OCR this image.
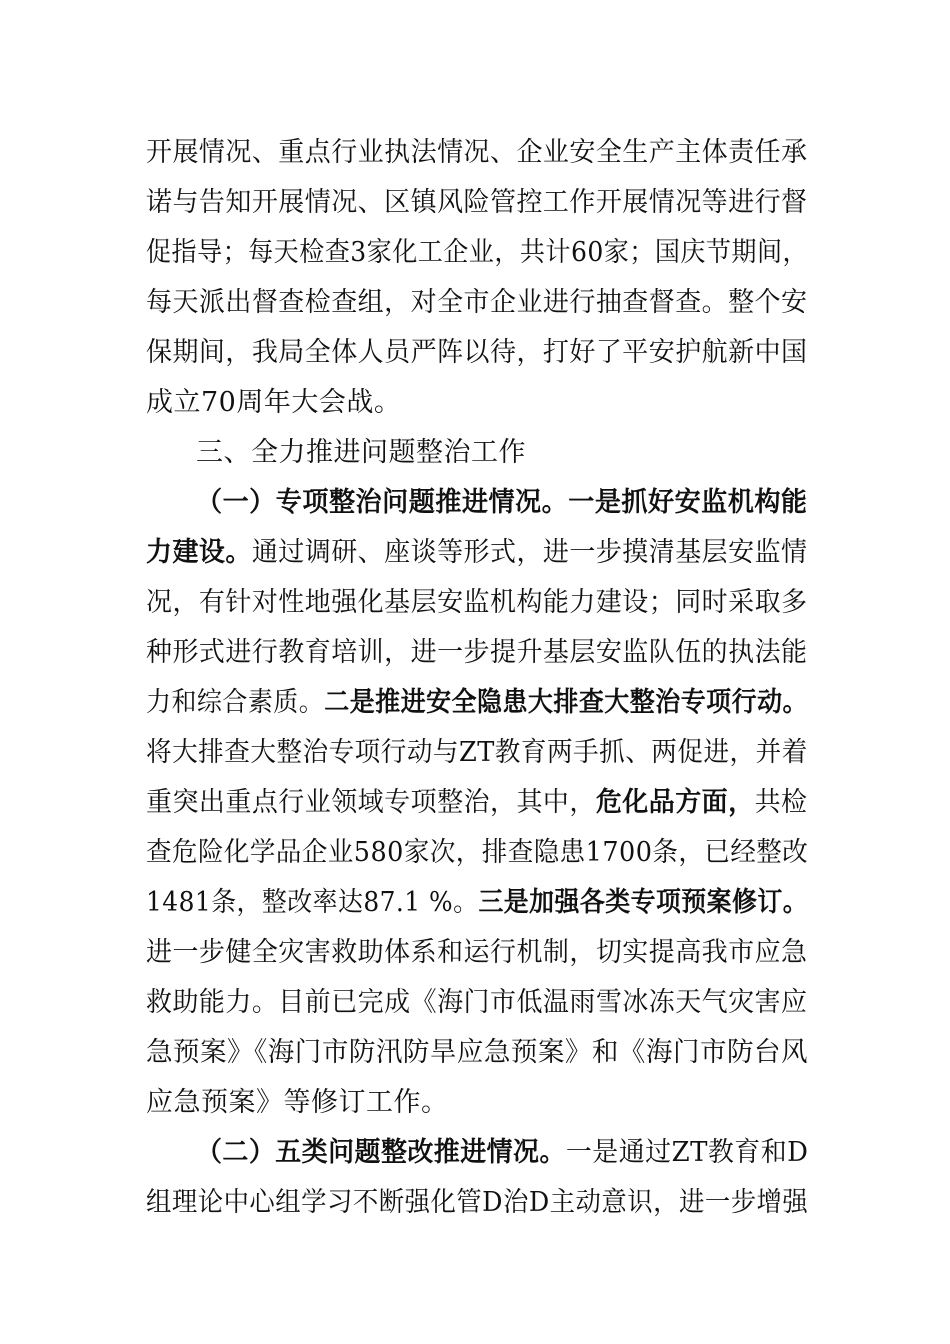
开展情况、重点行业执法情况、企业安全生产主体责任承
诺与告知开展情况、区镇风险管控工作开展情况等进行督
促指导；每天检查3家化工企业，共计60家；国庆节期间，
每天派出督查检查组，对全市企业进行抽查督查。整个安
保期间，我局全体人员严阵以待，打好了平安护航新中国
成立70周年大会战。
三、全力推进问题整治工作
（一）专项整治问题推进情况。一是抓好安监机构能
力建设。通过调研、座谈等形式，进一步摸清基层安监情
况，有针对性地强化基层安监机构能力建设；同时采取多
种形式进行教育培训，进一步提升基层安监队伍的执法能
力和综合素质。二是推进安全隐患大排查大整治专项行动。
将大排查大整治专项行动与ZT教育两手抓、两促进，并着
重突出重点行业领域专项整治，其中，危化品方面，共检
查危险化学品企业580家次，排查隐患1700条，已经整改
1481条，整改率达87.1 %。三是加强各类专项预案修订。
进一步健全灾害救助体系和运行机制，切实提高我市应急
救助能力。目前已完成《海门市低温雨雪冰冻天气灾害应
急预案》《海门市防汛防旱应急预案》和《海门市防台风
应急预案》等修订工作。
（二）五类问题整改推进情况。一是通过ZT教育和D
组理论中心组学习不断强化管D治D主动意识，进一步增强
